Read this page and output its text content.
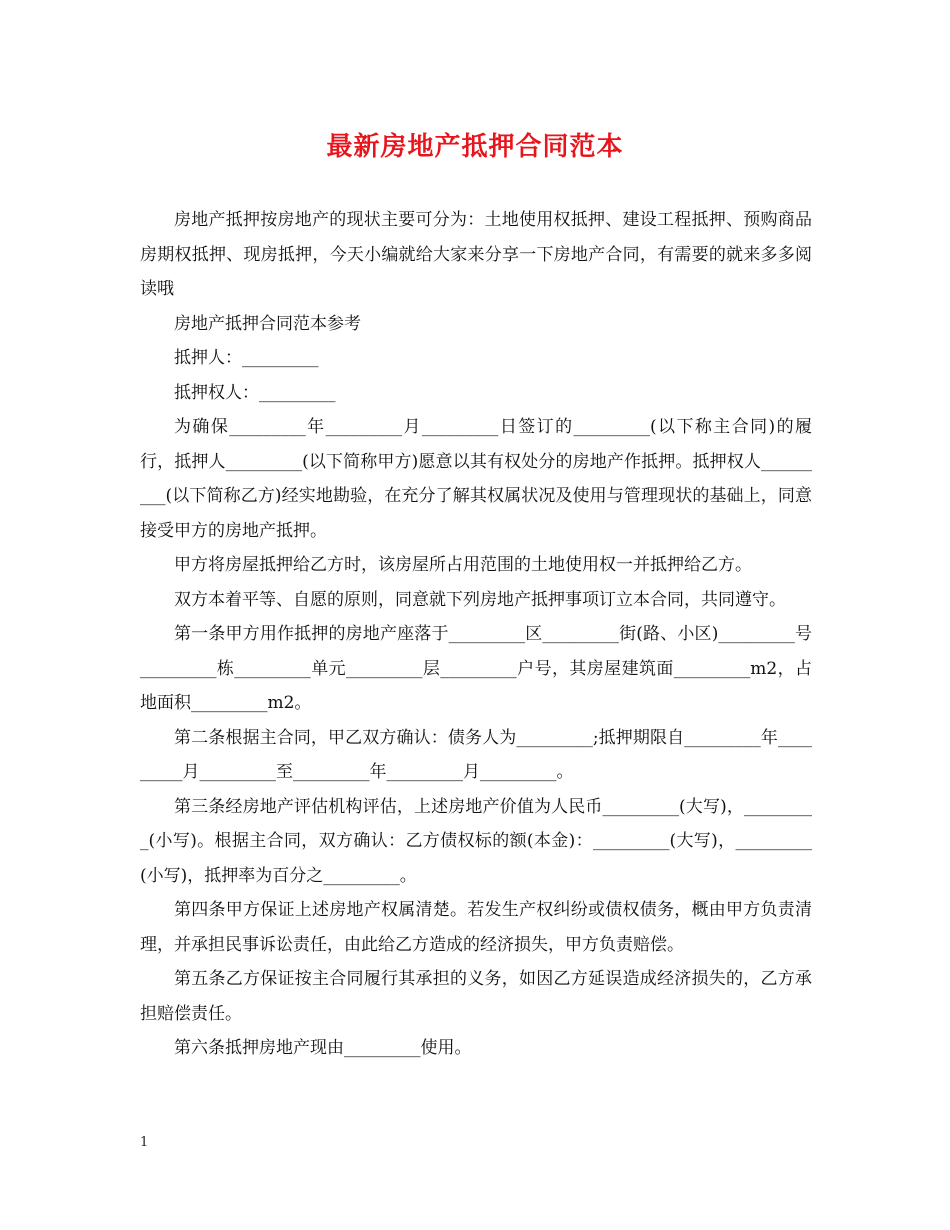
最新房地产抵押合同范本

房地产抵押按房地产的现状主要可分为：土地使用权抵押、建设工程抵押、预购商品房期权抵押、现房抵押，今天小编就给大家来分享一下房地产合同，有需要的就来多多阅读哦

房地产抵押合同范本参考

抵押人：_________

抵押权人：_________

为确保_________年_________月_________日签订的_________(以下称主合同)的履行，抵押人_________(以下简称甲方)愿意以其有权处分的房地产作抵押。抵押权人_________(以下简称乙方)经实地勘验，在充分了解其权属状况及使用与管理现状的基础上，同意接受甲方的房地产抵押。

甲方将房屋抵押给乙方时，该房屋所占用范围的土地使用权一并抵押给乙方。

双方本着平等、自愿的原则，同意就下列房地产抵押事项订立本合同，共同遵守。

第一条甲方用作抵押的房地产座落于_________区_________街(路、小区)_________号_________栋_________单元_________层_________户号，其房屋建筑面_________m2，占地面积_________m2。

第二条根据主合同，甲乙双方确认：债务人为_________;抵押期限自_________年_________月_________至_________年_________月_________。

第三条经房地产评估机构评估，上述房地产价值为人民币_________(大写)，_________(小写)。根据主合同，双方确认：乙方债权标的额(本金)：_________(大写)，_________(小写)，抵押率为百分之_________。

第四条甲方保证上述房地产权属清楚。若发生产权纠纷或债权债务，概由甲方负责清理，并承担民事诉讼责任，由此给乙方造成的经济损失，甲方负责赔偿。

第五条乙方保证按主合同履行其承担的义务，如因乙方延误造成经济损失的，乙方承担赔偿责任。

第六条抵押房地产现由_________使用。

1
